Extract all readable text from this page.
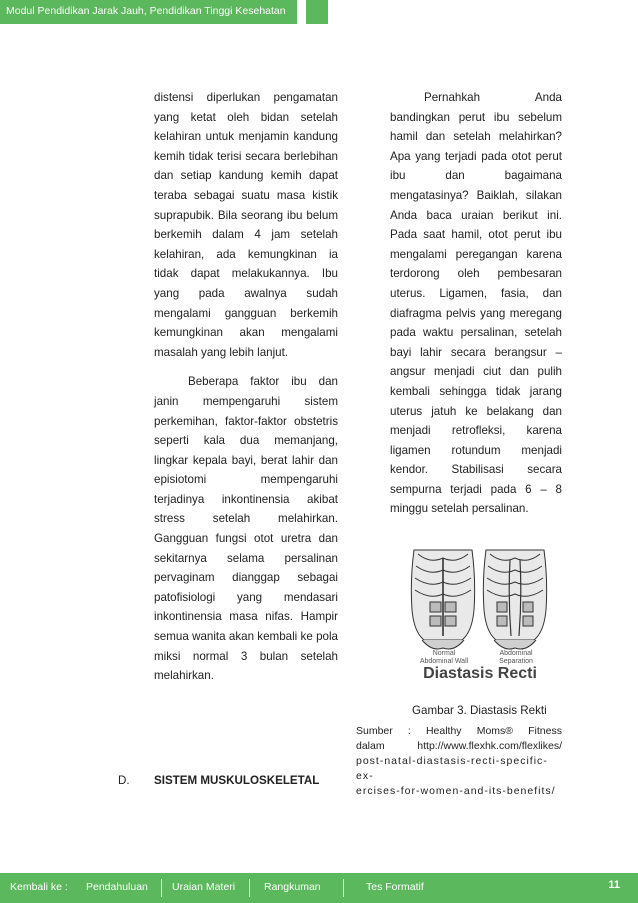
Modul Pendidikan Jarak Jauh, Pendidikan Tinggi Kesehatan

distensi diperlukan pengamatan yang ketat oleh bidan setelah kelahiran untuk menjamin kandung kemih tidak terisi secara berlebihan dan setiap kandung kemih dapat teraba sebagai suatu masa kistik suprapubik. Bila seorang ibu belum berkemih dalam 4 jam setelah kelahiran, ada kemungkinan ia tidak dapat melakukannya. Ibu yang pada awalnya sudah mengalami gangguan berkemih kemungkinan akan mengalami masalah yang lebih lanjut.

Beberapa faktor ibu dan janin mempengaruhi sistem perkemihan, faktor-faktor obstetris seperti kala dua memanjang, lingkar kepala bayi, berat lahir dan episiotomi mempengaruhi terjadinya inkontinensia akibat stress setelah melahirkan. Gangguan fungsi otot uretra dan sekitarnya selama persalinan pervaginam dianggap sebagai patofisiologi yang mendasari inkontinensia masa nifas. Hampir semua wanita akan kembali ke pola miksi normal 3 bulan setelah melahirkan.

Pernahkah Anda bandingkan perut ibu sebelum hamil dan setelah melahirkan? Apa yang terjadi pada otot perut ibu dan bagaimana mengatasinya? Baiklah, silakan Anda baca uraian berikut ini. Pada saat hamil, otot perut ibu mengalami peregangan karena terdorong oleh pembesaran uterus. Ligamen, fasia, dan diafragma pelvis yang meregang pada waktu persalinan, setelah bayi lahir secara berangsur – angsur menjadi ciut dan pulih kembali sehingga tidak jarang uterus jatuh ke belakang dan menjadi retrofleksi, karena ligamen rotundum menjadi kendor. Stabilisasi secara sempurna terjadi pada 6 – 8 minggu setelah persalinan.

Normal
Abdominal Wall
Abdominal
Separation
Diastasis Recti
Gambar 3. Diastasis Rekti

Sumber : Healthy Moms® Fitness

dalam http://www.flexhk.com/flexlikes/

post-natal-diastasis-recti-specific-ex-

ercises-for-women-and-its-benefits/

D. SISTEM MUSKULOSKELETAL
Kembali ke : Pendahuluan Uraian Materi	Rangkuman	Tes Formatif	11
